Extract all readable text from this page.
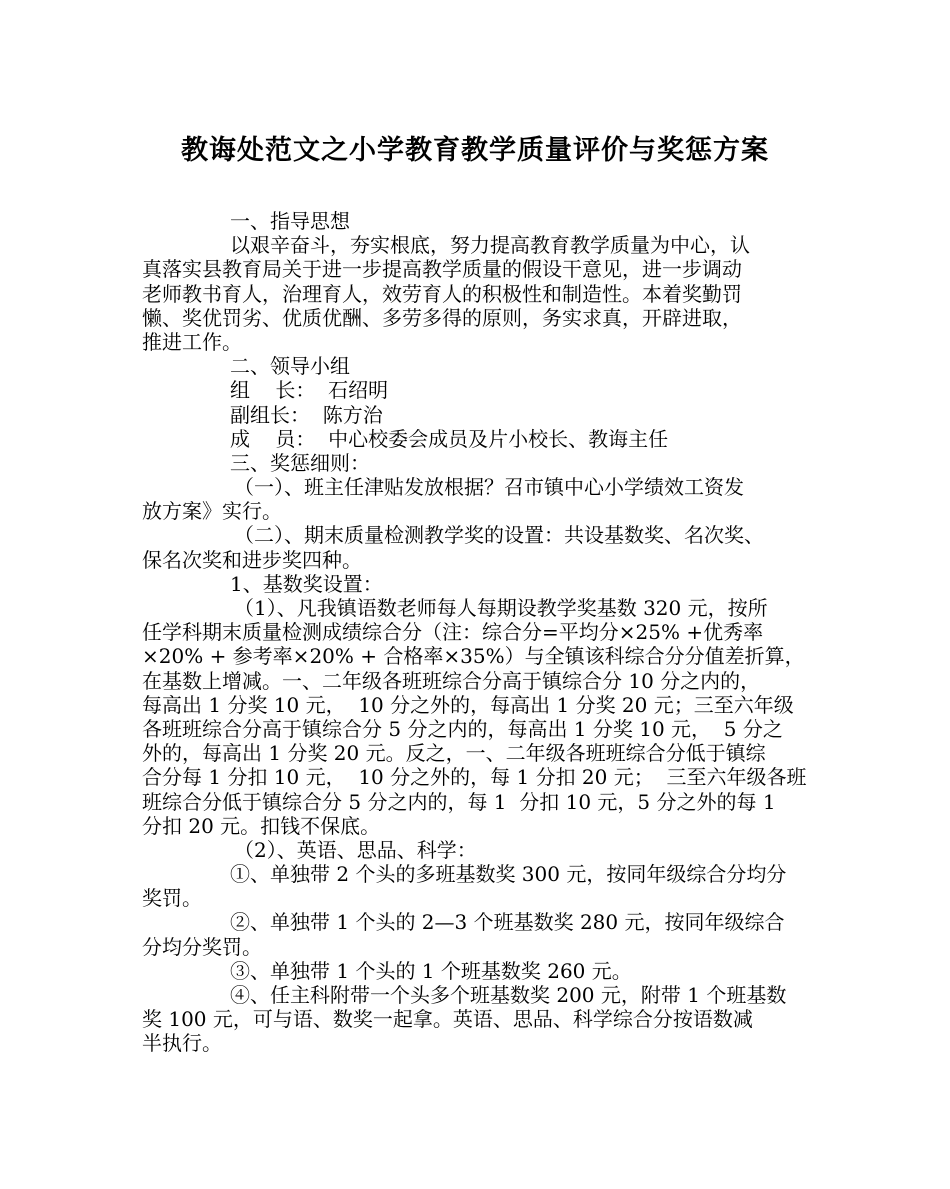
教诲处范文之小学教育教学质量评价与奖惩方案

一、指导思想

以艰辛奋斗，夯实根底，努力提高教育教学质量为中心，认

真落实县教育局关于进一步提高教学质量的假设干意见，进一步调动

老师教书育人，治理育人，效劳育人的积极性和制造性。本着奖勤罚

懒、奖优罚劣、优质优酬、多劳多得的原则，务实求真，开辟进取，

推进工作。

二、领导小组

组    长：  石绍明

副组长：  陈方治

成    员：  中心校委会成员及片小校长、教诲主任

三、奖惩细则：

（一）、班主任津贴发放根据？召市镇中心小学绩效工资发

放方案》实行。

（二）、期末质量检测教学奖的设置：共设基数奖、名次奖、

保名次奖和进步奖四种。

1、基数奖设置：

（1）、凡我镇语数老师每人每期设教学奖基数 320 元，按所

任学科期末质量检测成绩综合分（注：综合分=平均分×25% +优秀率

×20% + 参考率×20% + 合格率×35%）与全镇该科综合分分值差折算，

在基数上增减。一、二年级各班班综合分高于镇综合分 10 分之内的，

每高出 1 分奖 10 元，  10 分之外的，每高出 1 分奖 20 元；三至六年级

各班班综合分高于镇综合分 5 分之内的，每高出 1 分奖 10 元，  5 分之

外的，每高出 1 分奖 20 元。反之，一、二年级各班班综合分低于镇综

合分每 1 分扣 10 元，  10 分之外的，每 1 分扣 20 元；  三至六年级各班

班综合分低于镇综合分 5 分之内的，每 1  分扣 10 元，5 分之外的每 1

分扣 20 元。扣钱不保底。

（2）、英语、思品、科学：

①、单独带 2 个头的多班基数奖 300 元，按同年级综合分均分

奖罚。

②、单独带 1 个头的 2—3 个班基数奖 280 元，按同年级综合

分均分奖罚。

③、单独带 1 个头的 1 个班基数奖 260 元。

④、任主科附带一个头多个班基数奖 200 元，附带 1 个班基数

奖 100 元，可与语、数奖一起拿。英语、思品、科学综合分按语数减

半执行。
